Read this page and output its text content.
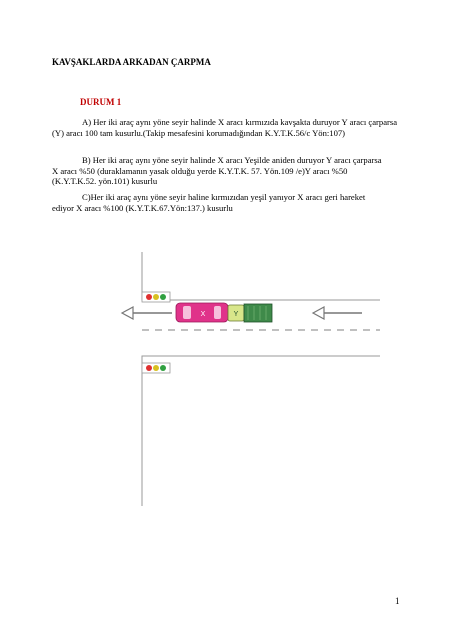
KAVŞAKLARDA ARKADAN ÇARPMA
DURUM 1
A) Her iki araç aynı yöne seyir halinde X aracı kırmızıda kavşakta duruyor Y aracı çarparsa
(Y) aracı 100 tam kusurlu.(Takip mesafesini korumadığından K.Y.T.K.56/c Yön:107)
B) Her iki araç aynı yöne seyir halinde X aracı Yeşilde aniden duruyor Y aracı çarparsa
X aracı %50 (duraklamanın yasak olduğu yerde K.Y.T.K. 57. Yön.109 /e)Y aracı %50
(K.Y.T.K.52. yön.101) kusurlu
C)Her iki araç aynı yöne seyir haline kırmızıdan yeşil yanıyor X aracı geri hareket
ediyor X aracı %100 (K.Y.T.K.67.Yön:137.) kusurlu
X	Y
1
